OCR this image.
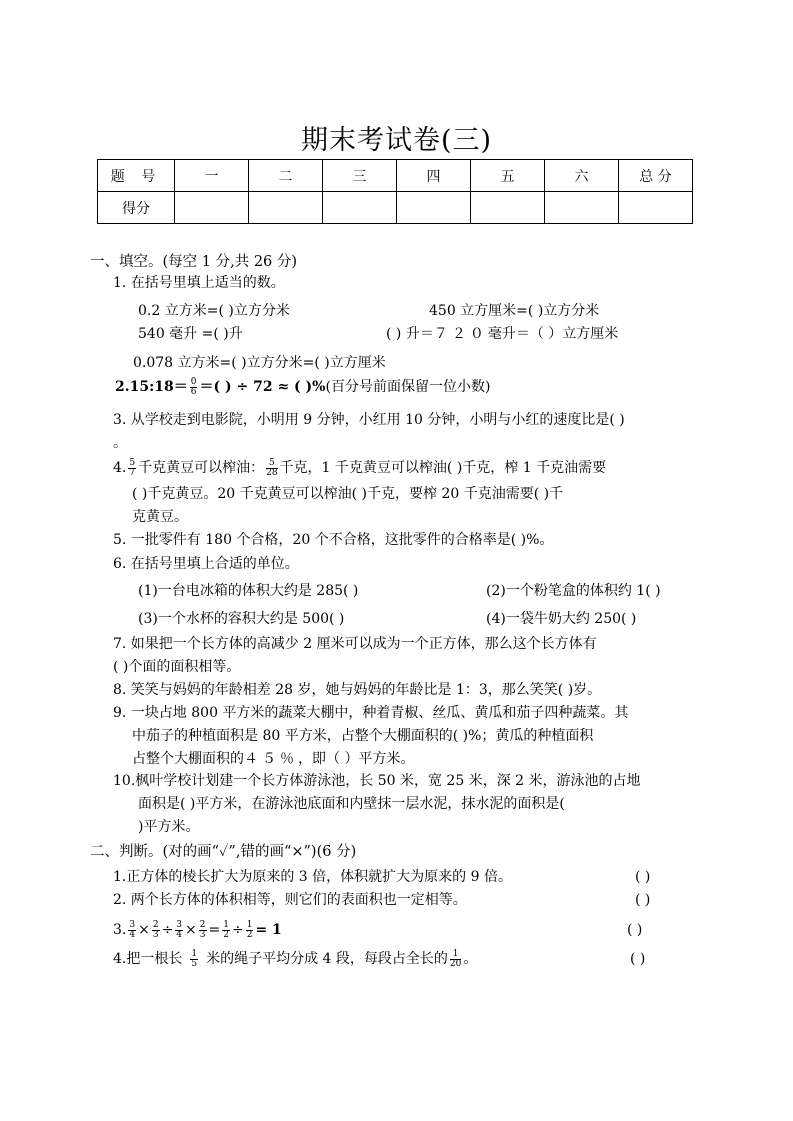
期末考试卷(三)
题 号	一	二	三	四	五	六	总 分
得分							
一、填空。(每空 1 分,共 26 分)
1. 在括号里填上适当的数。
0.2 立方米=( )立方分米	450 立方厘米=( )立方分米
540 毫升 =( )升	( ) 升＝７２０毫升＝（ ）立方厘米
0.078 立方米=( )立方分米=( )立方厘米
2.15:18＝ $\frac{0}{6}$ ＝( ) ÷ 72 ≈ ( )%(百分号前面保留一位小数)
3. 从学校走到电影院，小明用 9 分钟，小红用 10 分钟，小明与小红的速度比是( )
。
4. $\frac{5}{7}$ 千克黄豆可以榨油： $\frac{5}{28}$ 千克，1 千克黄豆可以榨油( )千克，榨 1 千克油需要
( )千克黄豆。20 千克黄豆可以榨油( )千克，要榨 20 千克油需要( )千
克黄豆。
5. 一批零件有 180 个合格，20 个不合格，这批零件的合格率是( )%。
6. 在括号里填上合适的单位。
(1)一台电冰箱的体积大约是 285( )	(2)一个粉笔盒的体积约 1( )
(3)一个水杯的容积大约是 500( )	(4)一袋牛奶大约 250( )
7. 如果把一个长方体的高减少 2 厘米可以成为一个正方体，那么这个长方体有
( )个面的面积相等。
8. 笑笑与妈妈的年龄相差 28 岁，她与妈妈的年龄比是 1：3，那么笑笑( )岁。
9. 一块占地 800 平方米的蔬菜大棚中，种着青椒、丝瓜、黄瓜和茄子四种蔬菜。其
中茄子的种植面积是 80 平方米，占整个大棚面积的( )%；黄瓜的种植面积
占整个大棚面积的４５％，即（ ）平方米。
10.枫叶学校计划建一个长方体游泳池，长 50 米，宽 25 米，深 2 米，游泳池的占地
面积是( )平方米，在游泳池底面和内壁抹一层水泥，抹水泥的面积是(
)平方米。
二、判断。(对的画“✓”,错的画“×”)(6 分)
1.正方体的棱长扩大为原来的 3 倍，体积就扩大为原来的 9 倍。	( )
2. 两个长方体的体积相等，则它们的表面积也一定相等。	( )
3. $\frac{3}{4} \times \frac{2}{3} \div \frac{3}{4} \times \frac{2}{3} = \frac{1}{2} \div \frac{1}{2} = 1$	( )
4.把一根长 $\frac{1}{5}$ 米的绳子平均分成 4 段，每段占全长的 $\frac{1}{20}$ 。	( )
